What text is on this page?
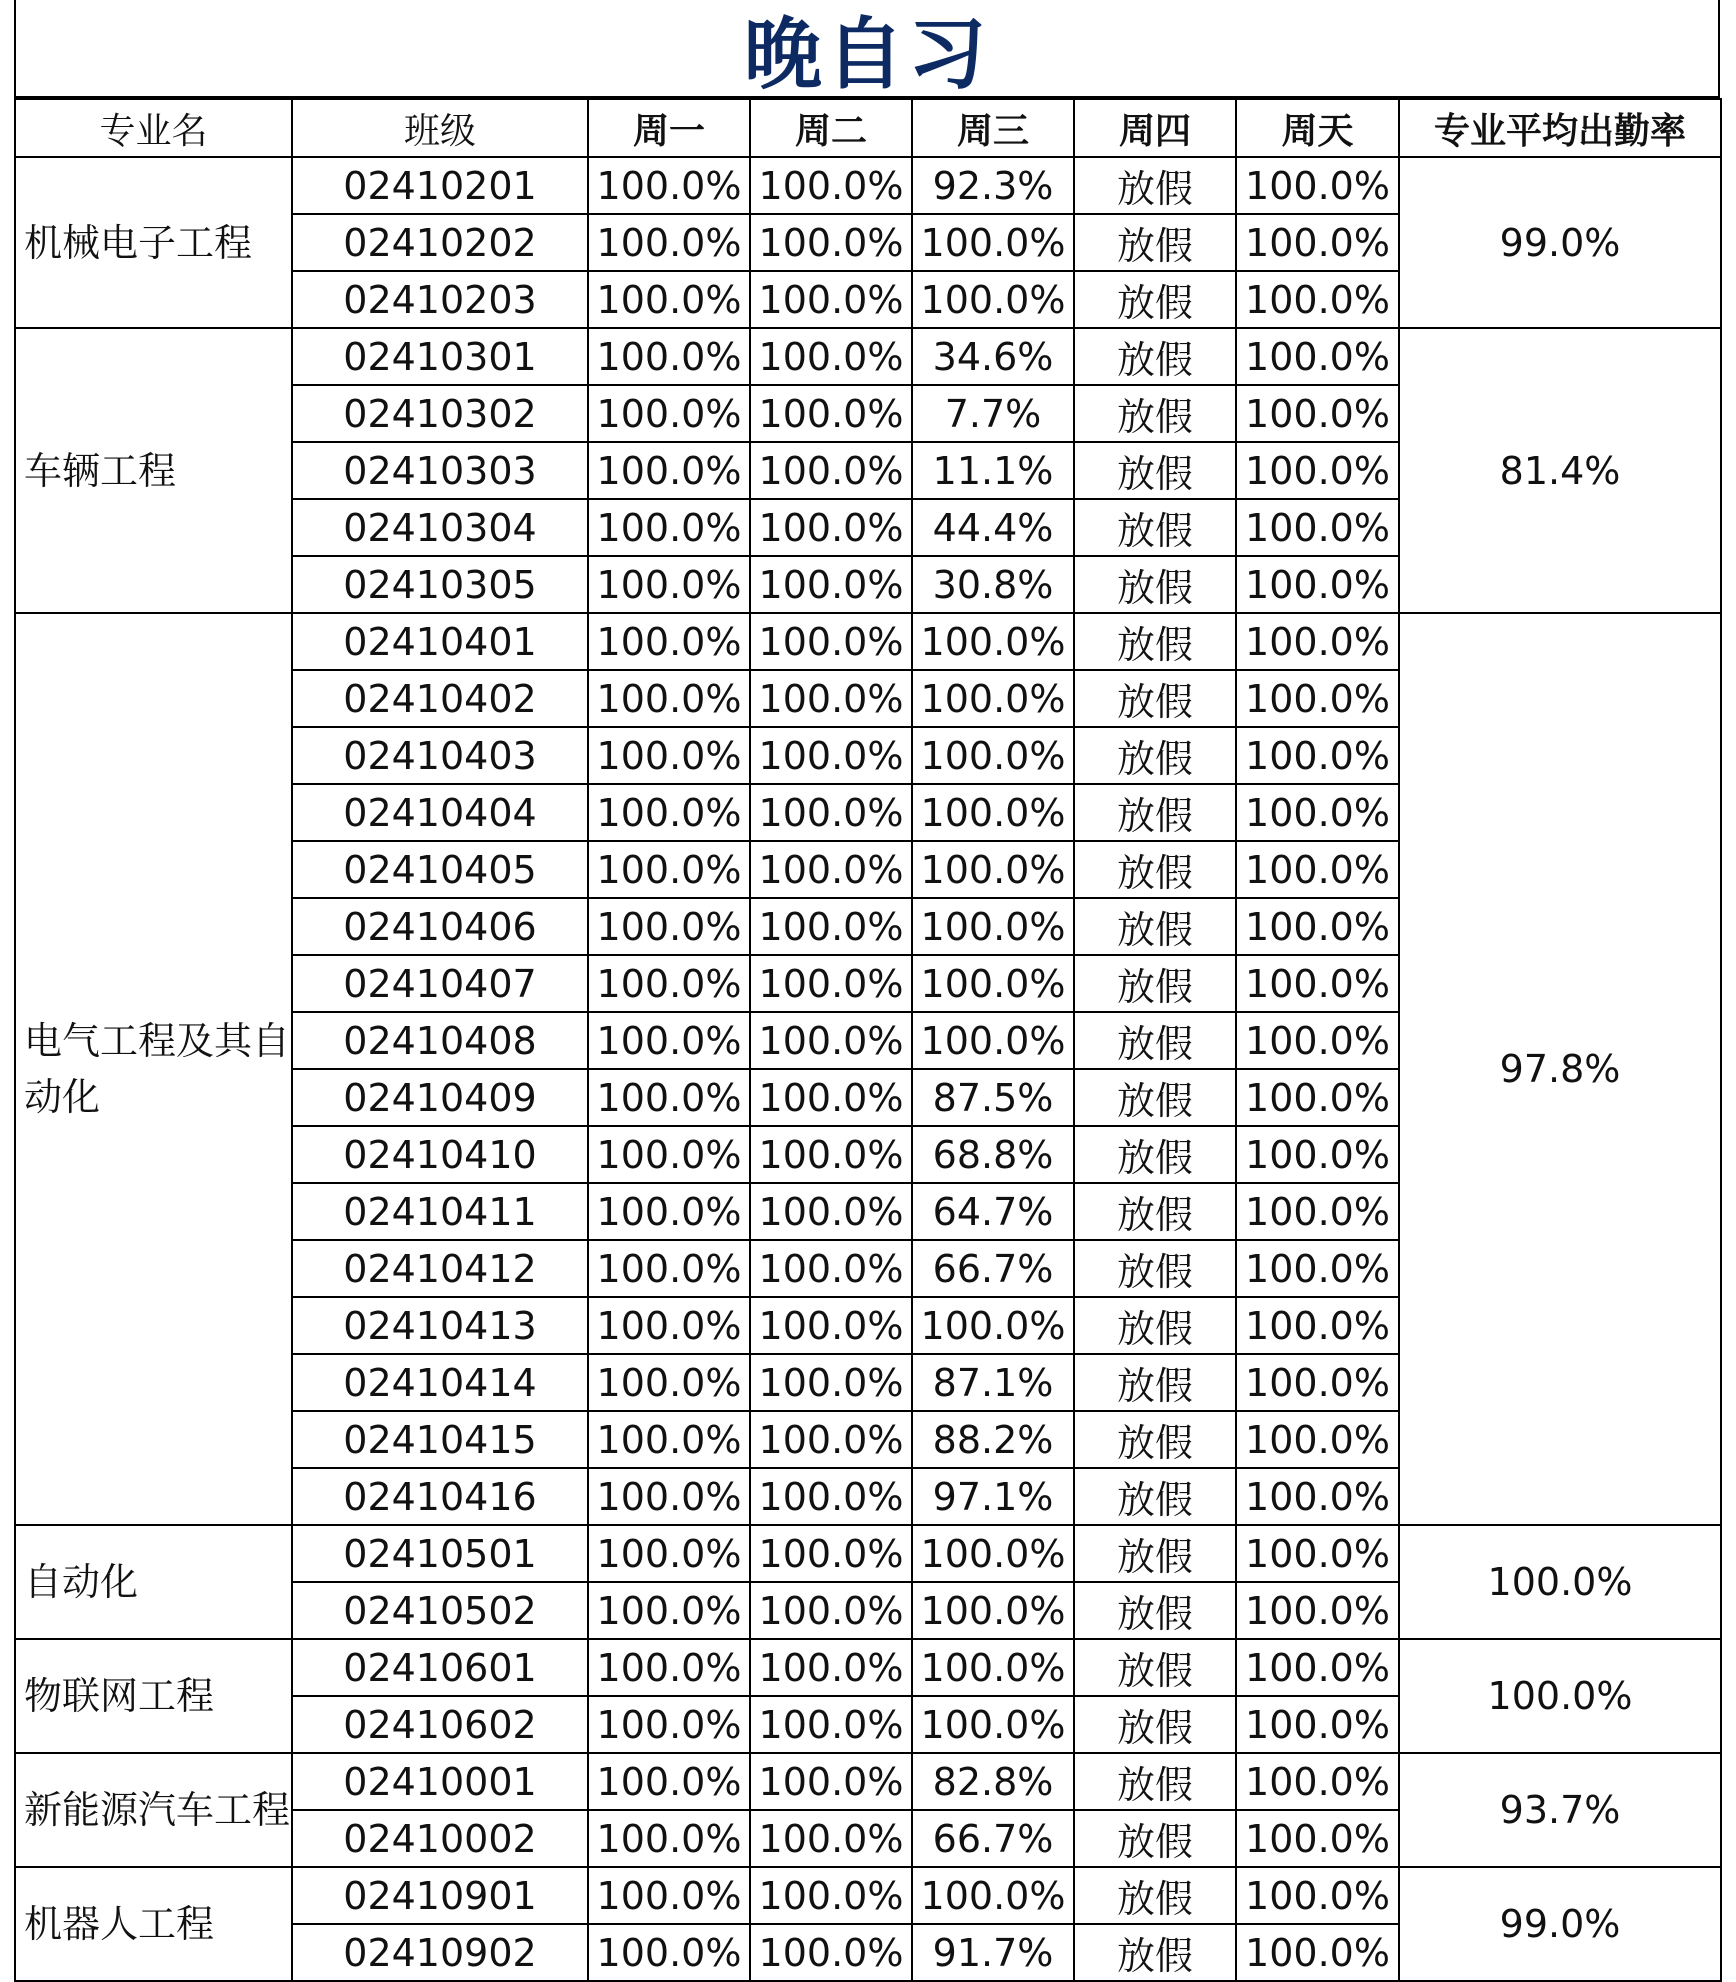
晚自习
专业名	班级	周一	周二	周三	周四	周天	专业平均出勤率
机械电子工程	02410201	100.0%	100.0%	92.3%	放假	100.0%	99.0%
	02410202	100.0%	100.0%	100.0%	放假	100.0%	
	02410203	100.0%	100.0%	100.0%	放假	100.0%	
车辆工程	02410301	100.0%	100.0%	34.6%	放假	100.0%	81.4%
	02410302	100.0%	100.0%	7.7%	放假	100.0%	
	02410303	100.0%	100.0%	11.1%	放假	100.0%	
	02410304	100.0%	100.0%	44.4%	放假	100.0%	
	02410305	100.0%	100.0%	30.8%	放假	100.0%	
电气工程及其自动化	02410401	100.0%	100.0%	100.0%	放假	100.0%	97.8%
	02410402	100.0%	100.0%	100.0%	放假	100.0%	
	02410403	100.0%	100.0%	100.0%	放假	100.0%	
	02410404	100.0%	100.0%	100.0%	放假	100.0%	
	02410405	100.0%	100.0%	100.0%	放假	100.0%	
	02410406	100.0%	100.0%	100.0%	放假	100.0%	
	02410407	100.0%	100.0%	100.0%	放假	100.0%	
	02410408	100.0%	100.0%	100.0%	放假	100.0%	
	02410409	100.0%	100.0%	87.5%	放假	100.0%	
	02410410	100.0%	100.0%	68.8%	放假	100.0%	
	02410411	100.0%	100.0%	64.7%	放假	100.0%	
	02410412	100.0%	100.0%	66.7%	放假	100.0%	
	02410413	100.0%	100.0%	100.0%	放假	100.0%	
	02410414	100.0%	100.0%	87.1%	放假	100.0%	
	02410415	100.0%	100.0%	88.2%	放假	100.0%	
	02410416	100.0%	100.0%	97.1%	放假	100.0%	
自动化	02410501	100.0%	100.0%	100.0%	放假	100.0%	100.0%
	02410502	100.0%	100.0%	100.0%	放假	100.0%	
物联网工程	02410601	100.0%	100.0%	100.0%	放假	100.0%	100.0%
	02410602	100.0%	100.0%	100.0%	放假	100.0%	
新能源汽车工程	02410001	100.0%	100.0%	82.8%	放假	100.0%	93.7%
	02410002	100.0%	100.0%	66.7%	放假	100.0%	
机器人工程	02410901	100.0%	100.0%	100.0%	放假	100.0%	99.0%
	02410902	100.0%	100.0%	91.7%	放假	100.0%	
